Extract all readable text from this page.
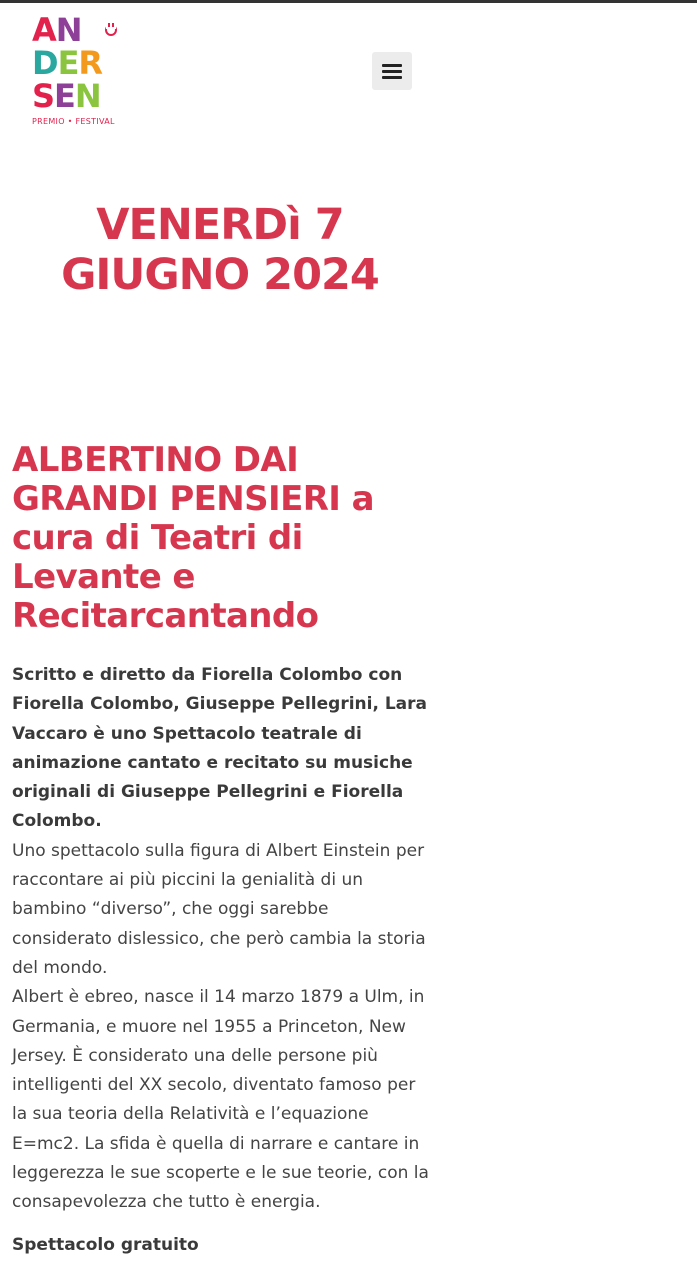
AN
DER
SEN
PREMIO • FESTIVAL
VENERDì 7 GIUGNO 2024
ALBERTINO DAI GRANDI PENSIERI a cura di Teatri di Levante e Recitarcantando

Scritto e diretto da Fiorella Colombo con Fiorella Colombo, Giuseppe Pellegrini, Lara Vaccaro è uno Spettacolo teatrale di animazione cantato e recitato su musiche originali di Giuseppe Pellegrini e Fiorella Colombo.

Uno spettacolo sulla figura di Albert Einstein per raccontare ai più piccini la genialità di un bambino “diverso”, che oggi sarebbe considerato dislessico, che però cambia la storia del mondo.

Albert è ebreo, nasce il 14 marzo 1879 a Ulm, in Germania, e muore nel 1955 a Princeton, New Jersey. È considerato una delle persone più intelligenti del XX secolo, diventato famoso per la sua teoria della Relatività e l’equazione E=mc2. La sfida è quella di narrare e cantare in leggerezza le sue scoperte e le sue teorie, con la consapevolezza che tutto è energia.

Spettacolo gratuito
